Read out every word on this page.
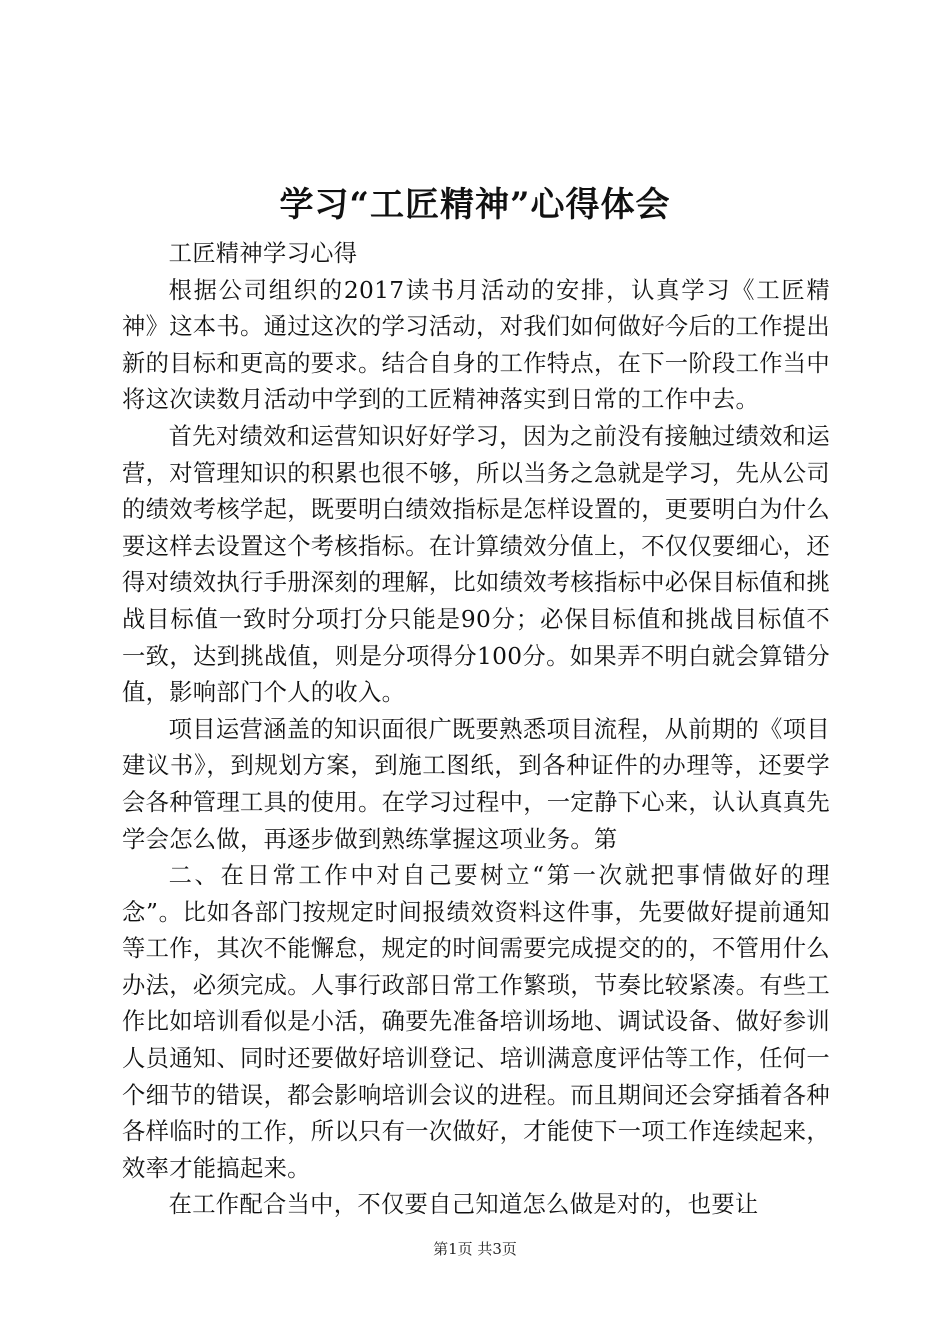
学习“工匠精神”心得体会

工匠精神学习心得

根据公司组织的2017读书月活动的安排，认真学习《工匠精神》这本书。通过这次的学习活动，对我们如何做好今后的工作提出新的目标和更高的要求。结合自身的工作特点，在下一阶段工作当中将这次读数月活动中学到的工匠精神落实到日常的工作中去。

首先对绩效和运营知识好好学习，因为之前没有接触过绩效和运营，对管理知识的积累也很不够，所以当务之急就是学习，先从公司的绩效考核学起，既要明白绩效指标是怎样设置的，更要明白为什么要这样去设置这个考核指标。在计算绩效分值上，不仅仅要细心，还得对绩效执行手册深刻的理解，比如绩效考核指标中必保目标值和挑战目标值一致时分项打分只能是90分；必保目标值和挑战目标值不一致，达到挑战值，则是分项得分100分。如果弄不明白就会算错分值，影响部门个人的收入。

项目运营涵盖的知识面很广既要熟悉项目流程，从前期的《项目建议书》，到规划方案，到施工图纸，到各种证件的办理等，还要学会各种管理工具的使用。在学习过程中，一定静下心来，认认真真先学会怎么做，再逐步做到熟练掌握这项业务。第

二、在日常工作中对自己要树立“第一次就把事情做好的理念”。比如各部门按规定时间报绩效资料这件事，先要做好提前通知等工作，其次不能懈怠，规定的时间需要完成提交的的，不管用什么办法，必须完成。人事行政部日常工作繁琐，节奏比较紧凑。有些工作比如培训看似是小活，确要先准备培训场地、调试设备、做好参训人员通知、同时还要做好培训登记、培训满意度评估等工作，任何一个细节的错误，都会影响培训会议的进程。而且期间还会穿插着各种各样临时的工作，所以只有一次做好，才能使下一项工作连续起来，效率才能搞起来。

在工作配合当中，不仅要自己知道怎么做是对的，也要让

第1页 共3页
